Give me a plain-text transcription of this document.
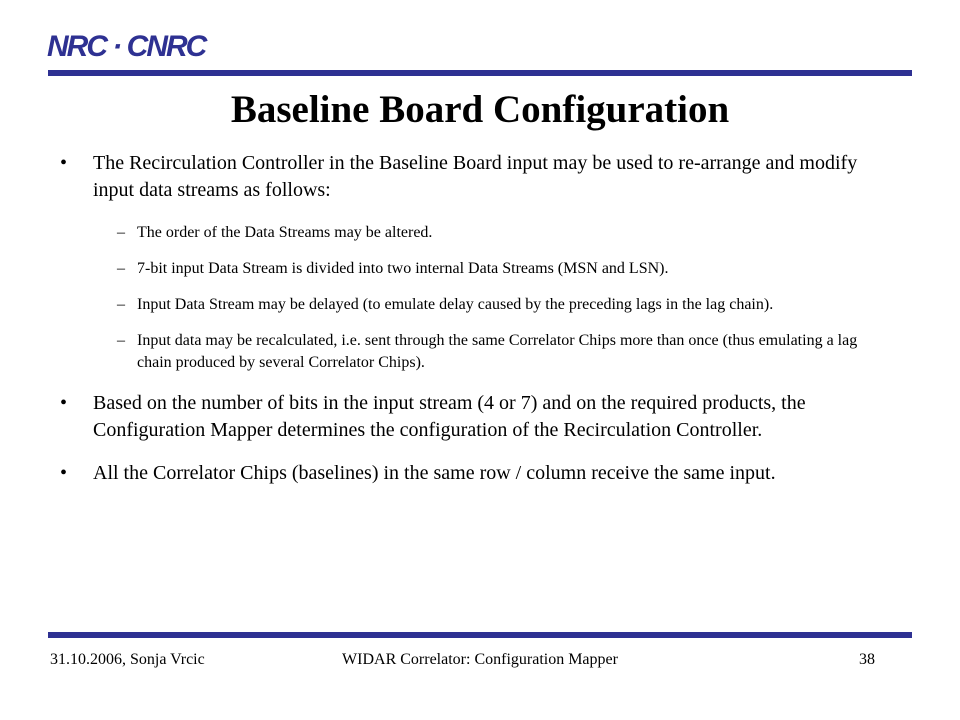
NRC · CNRC
Baseline Board Configuration
• The Recirculation Controller in the Baseline Board input may be used to re-arrange and modify input data streams as follows:
– The order of the Data Streams may be altered.
– 7-bit input Data Stream is divided into two internal Data Streams (MSN and LSN).
– Input Data Stream may be delayed (to emulate delay caused by the preceding lags in the lag chain).
– Input data may be recalculated, i.e. sent through the same Correlator Chips more than once (thus emulating a lag chain produced by several Correlator Chips).
• Based on the number of bits in the input stream (4 or 7) and on the required products, the Configuration Mapper determines the configuration of the Recirculation Controller.
• All the Correlator Chips (baselines) in the same row / column receive the same input.
31.10.2006, Sonja Vrcic	WIDAR Correlator: Configuration Mapper	38
